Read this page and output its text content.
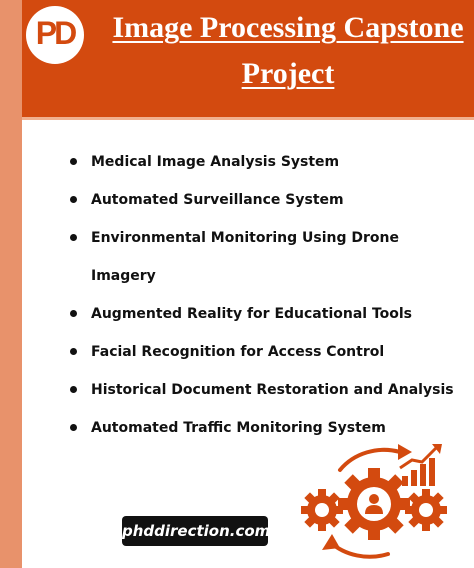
PD	Image Processing Capstone Project
Medical Image Analysis System
Automated Surveillance System
Environmental Monitoring Using Drone Imagery
Augmented Reality for Educational Tools
Facial Recognition for Access Control
Historical Document Restoration and Analysis
Automated Traffic Monitoring System
phddirection.com
